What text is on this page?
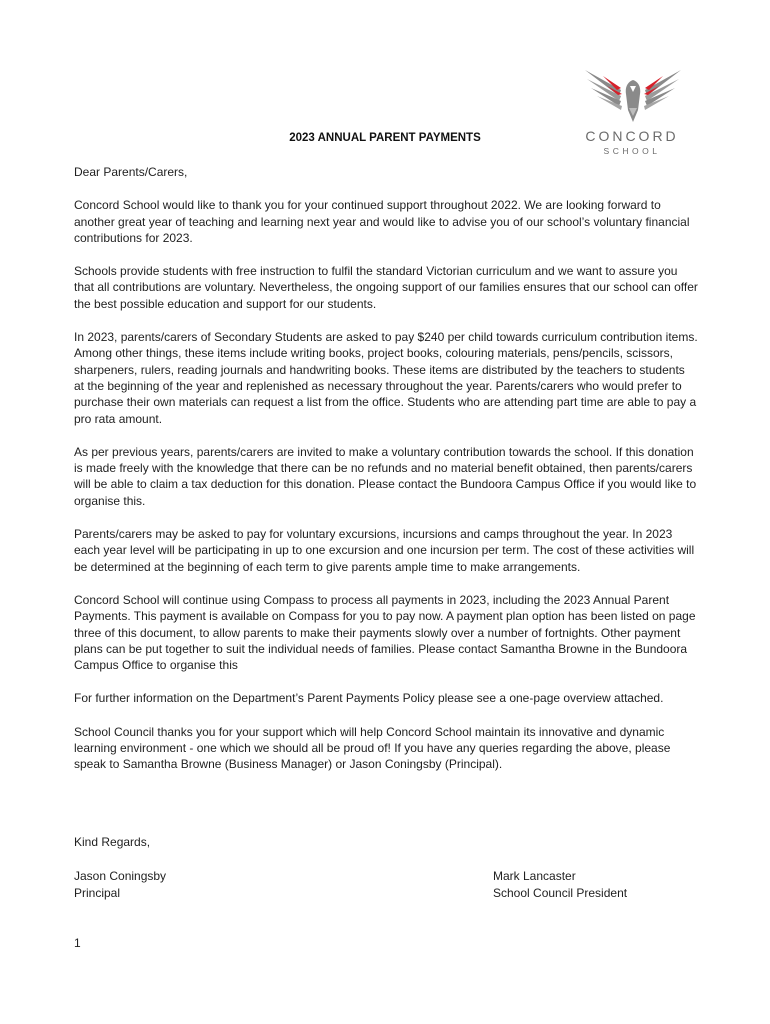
CONCORD
SCHOOL
2023 ANNUAL PARENT PAYMENTS

Dear Parents/Carers,

Concord School would like to thank you for your continued support throughout 2022. We are looking forward to another great year of teaching and learning next year and would like to advise you of our school’s voluntary financial contributions for 2023.

Schools provide students with free instruction to fulfil the standard Victorian curriculum and we want to assure you that all contributions are voluntary. Nevertheless, the ongoing support of our families ensures that our school can offer the best possible education and support for our students.

In 2023, parents/carers of Secondary Students are asked to pay $240 per child towards curriculum contribution items. Among other things, these items include writing books, project books, colouring materials, pens/pencils, scissors, sharpeners, rulers, reading journals and handwriting books. These items are distributed by the teachers to students at the beginning of the year and replenished as necessary throughout the year. Parents/carers who would prefer to purchase their own materials can request a list from the office. Students who are attending part time are able to pay a pro rata amount.

As per previous years, parents/carers are invited to make a voluntary contribution towards the school. If this donation is made freely with the knowledge that there can be no refunds and no material benefit obtained, then parents/carers will be able to claim a tax deduction for this donation. Please contact the Bundoora Campus Office if you would like to organise this.

Parents/carers may be asked to pay for voluntary excursions, incursions and camps throughout the year. In 2023 each year level will be participating in up to one excursion and one incursion per term. The cost of these activities will be determined at the beginning of each term to give parents ample time to make arrangements.

Concord School will continue using Compass to process all payments in 2023, including the 2023 Annual Parent Payments. This payment is available on Compass for you to pay now. A payment plan option has been listed on page three of this document, to allow parents to make their payments slowly over a number of fortnights. Other payment plans can be put together to suit the individual needs of families. Please contact Samantha Browne in the Bundoora Campus Office to organise this

For further information on the Department’s Parent Payments Policy please see a one-page overview attached.

School Council thanks you for your support which will help Concord School maintain its innovative and dynamic learning environment - one which we should all be proud of! If you have any queries regarding the above, please speak to Samantha Browne (Business Manager) or Jason Coningsby (Principal).

Kind Regards,
Jason Coningsby
Principal
Mark Lancaster
School Council President
1
